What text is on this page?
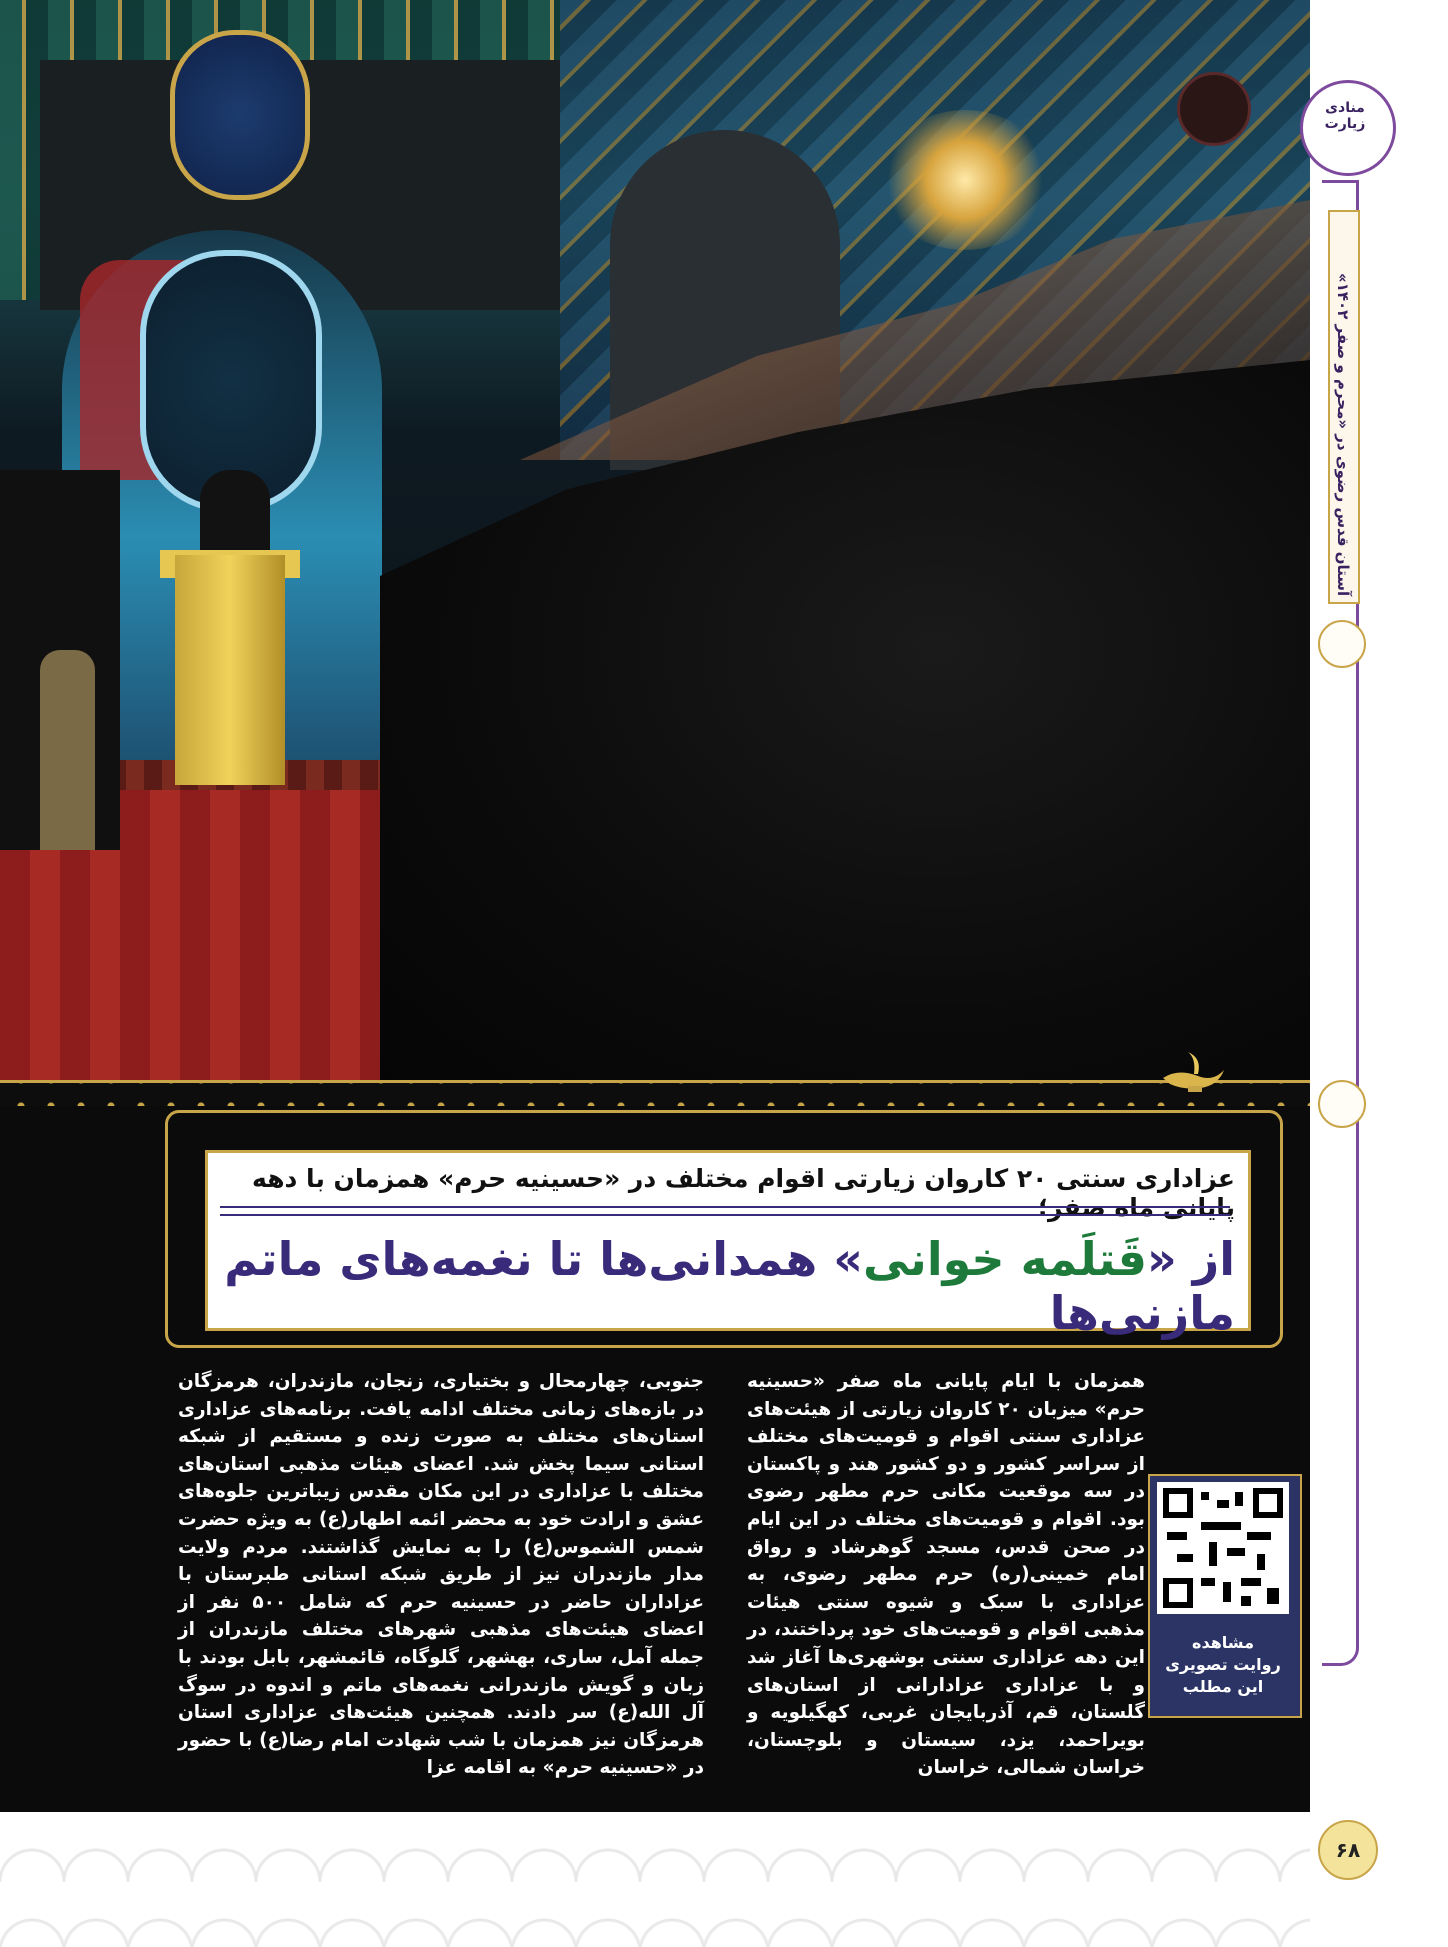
منادی زیارت
آستان قدس رضوی در «محرم و صفر ۱۴۰۲»
عزاداری سنتی ۲۰ کاروان زیارتی اقوام مختلف در «حسینیه حرم» همزمان با دهه پایانی ماه صفر؛
از «قَتلَمه خوانی» همدانی‌ها تا نغمه‌های ماتم مازنی‌ها
همزمان با ایام پایانی ماه صفر «حسینیه حرم» میزبان ۲۰ کاروان زیارتی از هیئت‌های عزاداری سنتی اقوام و قومیت‌های مختلف از سراسر کشور و دو کشور هند و پاکستان در سه موقعیت مکانی حرم مطهر رضوی بود. اقوام و قومیت‌های مختلف در این ایام در صحن قدس، مسجد گوهرشاد و رواق امام خمینی(ره) حرم مطهر رضوی، به عزاداری با سبک و شیوه سنتی هیئات مذهبی اقوام و قومیت‌های خود پرداختند، در این دهه عزاداری سنتی بوشهری‌ها آغاز شد و با عزاداری عزادارانی از استان‌های گلستان، قم، آذربایجان غربی، کهگیلویه و بویراحمد، یزد، سیستان و بلوچستان، خراسان شمالی، خراسان
جنوبی، چهارمحال و بختیاری، زنجان، مازندران، هرمزگان در بازه‌های زمانی مختلف ادامه یافت. برنامه‌های عزاداری استان‌های مختلف به صورت زنده و مستقیم از شبکه استانی سیما پخش شد. اعضای هیئات مذهبی استان‌های مختلف با عزاداری در این مکان مقدس زیباترین جلوه‌های عشق و ارادت خود به محضر ائمه اطهار(ع) به ویژه حضرت شمس الشموس(ع) را به نمایش گذاشتند. مردم ولایت مدار مازندران نیز از طریق شبکه استانی طبرستان با عزاداران حاضر در حسینیه حرم که شامل ۵۰۰ نفر از اعضای هیئت‌های مذهبی شهرهای مختلف مازندران از جمله آمل، ساری، بهشهر، گلوگاه، قائمشهر، بابل بودند با زبان و گویش مازندرانی نغمه‌های ماتم و اندوه در سوگ آل الله(ع) سر دادند. همچنین هیئت‌های عزاداری استان هرمزگان نیز همزمان با شب شهادت امام رضا(ع) با حضور در «حسینیه حرم» به اقامه عزا
مشاهده
روایت تصویری
این مطلب
۶۸
